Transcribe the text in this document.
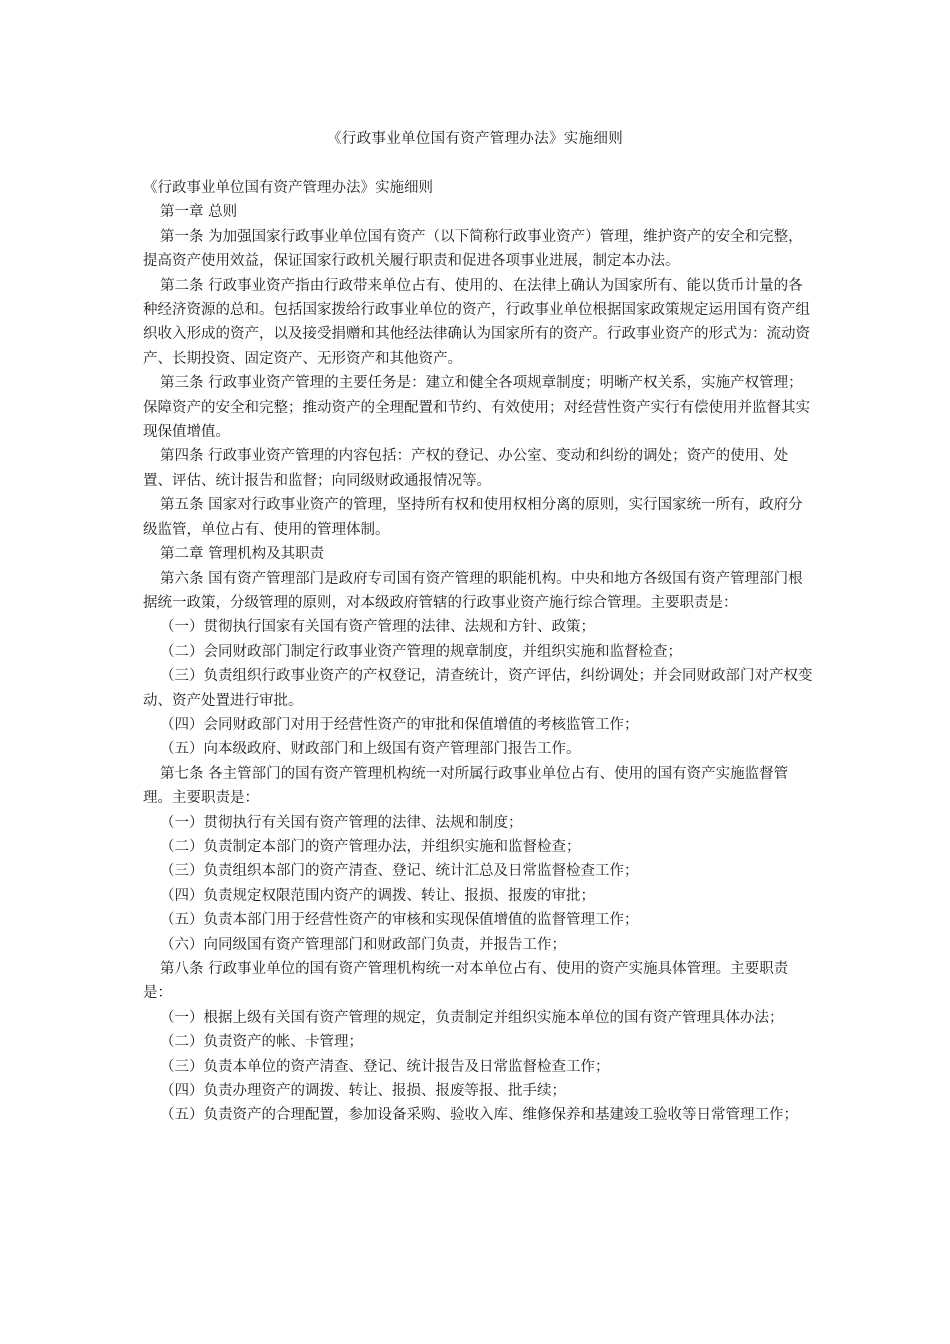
《行政事业单位国有资产管理办法》实施细则

《行政事业单位国有资产管理办法》实施细则

第一章 总则

第一条 为加强国家行政事业单位国有资产（以下简称行政事业资产）管理，维护资产的安全和完整，提高资产使用效益，保证国家行政机关履行职责和促进各项事业进展，制定本办法。

第二条 行政事业资产指由行政带来单位占有、使用的、在法律上确认为国家所有、能以货币计量的各种经济资源的总和。包括国家拨给行政事业单位的资产，行政事业单位根据国家政策规定运用国有资产组织收入形成的资产，以及接受捐赠和其他经法律确认为国家所有的资产。行政事业资产的形式为：流动资产、长期投资、固定资产、无形资产和其他资产。

第三条 行政事业资产管理的主要任务是：建立和健全各项规章制度；明晰产权关系，实施产权管理；保障资产的安全和完整；推动资产的全理配置和节约、有效使用；对经营性资产实行有偿使用并监督其实现保值增值。

第四条 行政事业资产管理的内容包括：产权的登记、办公室、变动和纠纷的调处；资产的使用、处置、评估、统计报告和监督；向同级财政通报情况等。

第五条 国家对行政事业资产的管理，坚持所有权和使用权相分离的原则，实行国家统一所有，政府分级监管，单位占有、使用的管理体制。

第二章 管理机构及其职责

第六条 国有资产管理部门是政府专司国有资产管理的职能机构。中央和地方各级国有资产管理部门根据统一政策，分级管理的原则，对本级政府管辖的行政事业资产施行综合管理。主要职责是：

（一）贯彻执行国家有关国有资产管理的法律、法规和方针、政策；

（二）会同财政部门制定行政事业资产管理的规章制度，并组织实施和监督检查；

（三）负责组织行政事业资产的产权登记，清查统计，资产评估，纠纷调处；并会同财政部门对产权变动、资产处置进行审批。

（四）会同财政部门对用于经营性资产的审批和保值增值的考核监管工作；

（五）向本级政府、财政部门和上级国有资产管理部门报告工作。

第七条 各主管部门的国有资产管理机构统一对所属行政事业单位占有、使用的国有资产实施监督管理。主要职责是：

（一）贯彻执行有关国有资产管理的法律、法规和制度；

（二）负责制定本部门的资产管理办法，并组织实施和监督检查；

（三）负责组织本部门的资产清查、登记、统计汇总及日常监督检查工作；

（四）负责规定权限范围内资产的调拨、转让、报损、报废的审批；

（五）负责本部门用于经营性资产的审核和实现保值增值的监督管理工作；

（六）向同级国有资产管理部门和财政部门负责，并报告工作；

第八条 行政事业单位的国有资产管理机构统一对本单位占有、使用的资产实施具体管理。主要职责是：

（一）根据上级有关国有资产管理的规定，负责制定并组织实施本单位的国有资产管理具体办法；

（二）负责资产的帐、卡管理；

（三）负责本单位的资产清查、登记、统计报告及日常监督检查工作；

（四）负责办理资产的调拨、转让、报损、报废等报、批手续；

（五）负责资产的合理配置，参加设备采购、验收入库、维修保养和基建竣工验收等日常管理工作；
